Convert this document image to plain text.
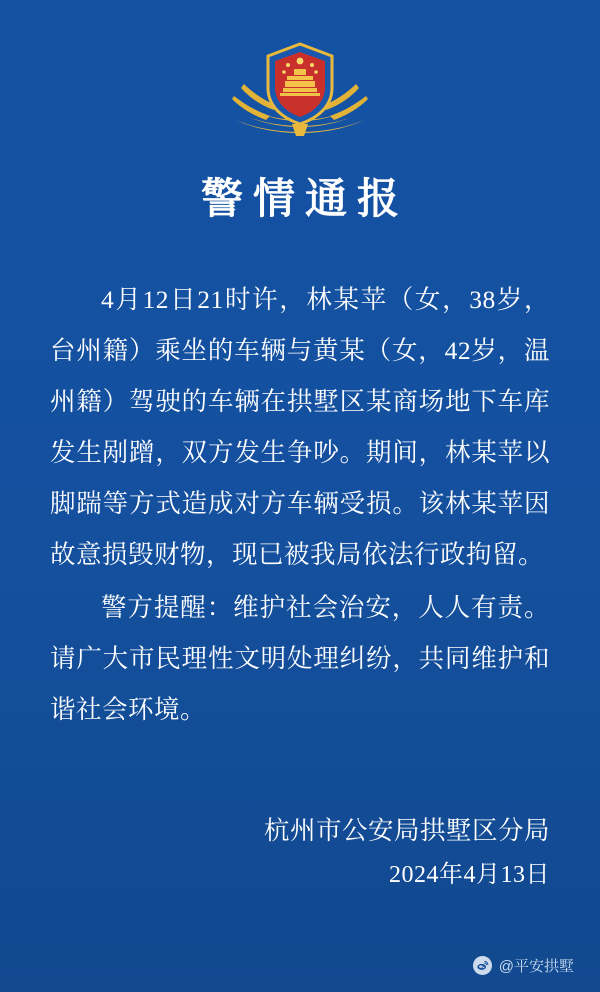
警情通报

4月12日21时许，林某苹（女，38岁，台州籍）乘坐的车辆与黄某（女，42岁，温州籍）驾驶的车辆在拱墅区某商场地下车库发生剐蹭，双方发生争吵。期间，林某苹以脚踹等方式造成对方车辆受损。该林某苹因故意损毁财物，现已被我局依法行政拘留。

警方提醒：维护社会治安，人人有责。请广大市民理性文明处理纠纷，共同维护和谐社会环境。

杭州市公安局拱墅区分局
2024年4月13日
@平安拱墅
